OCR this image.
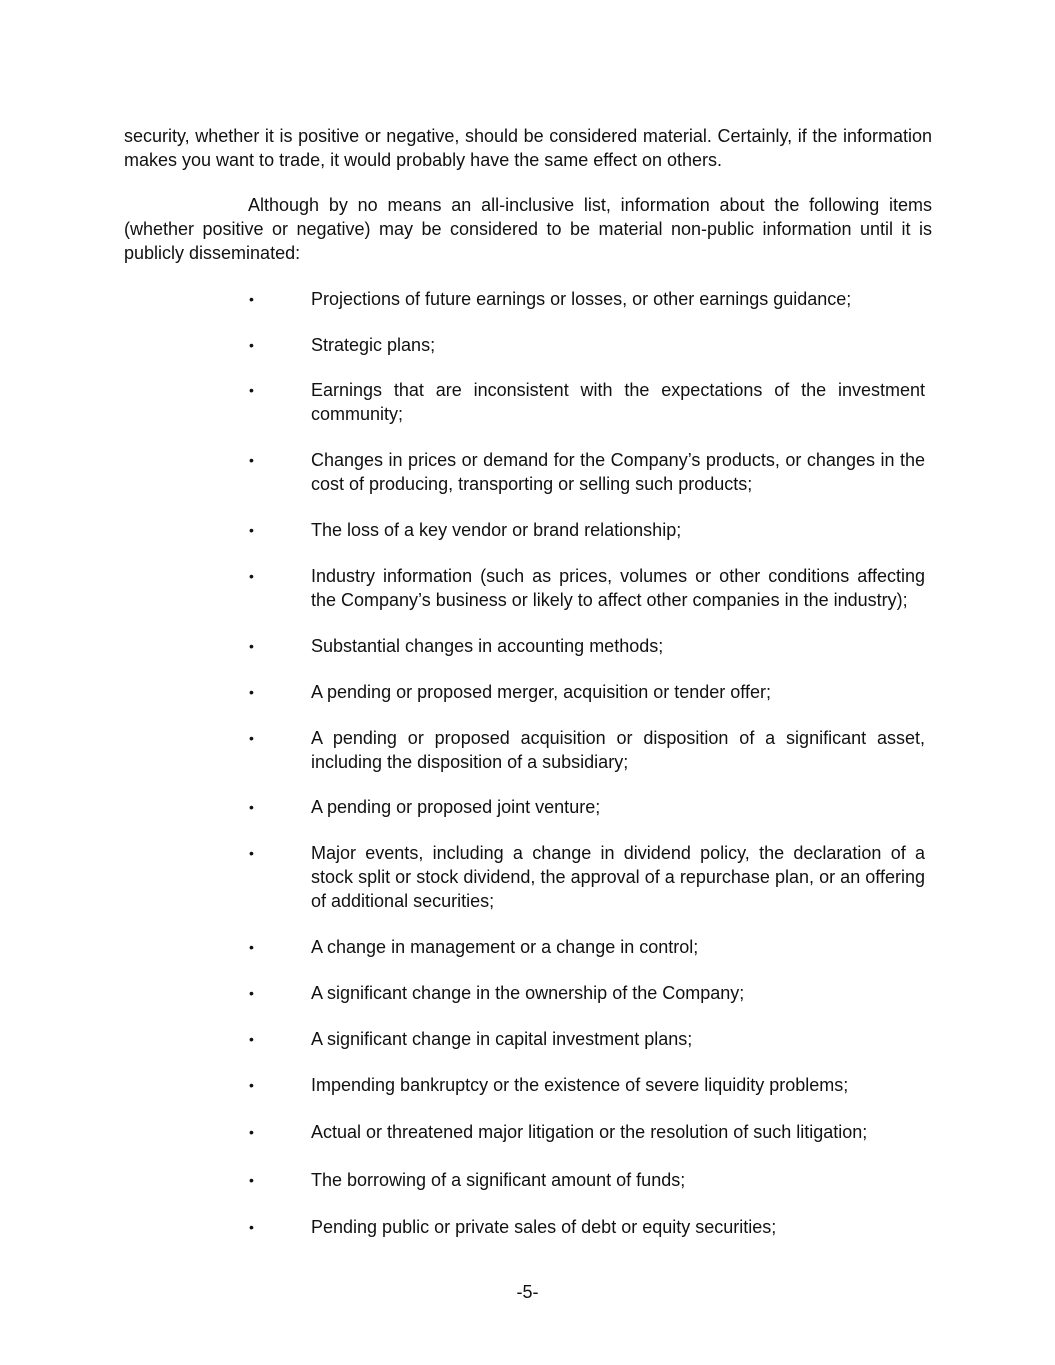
security, whether it is positive or negative, should be considered material. Certainly, if the information makes you want to trade, it would probably have the same effect on others.

Although by no means an all-inclusive list, information about the following items (whether positive or negative) may be considered to be material non-public information until it is publicly disseminated:

•	Projections of future earnings or losses, or other earnings guidance;

•	Strategic plans;

•	Earnings that are inconsistent with the expectations of the investment community;

•	Changes in prices or demand for the Company’s products, or changes in the cost of producing, transporting or selling such products;

•	The loss of a key vendor or brand relationship;

•	Industry information (such as prices, volumes or other conditions affecting the Company’s business or likely to affect other companies in the industry);

•	Substantial changes in accounting methods;

•	A pending or proposed merger, acquisition or tender offer;

•	A pending or proposed acquisition or disposition of a significant asset, including the disposition of a subsidiary;

•	A pending or proposed joint venture;

•	Major events, including a change in dividend policy, the declaration of a stock split or stock dividend, the approval of a repurchase plan, or an offering of additional securities;

•	A change in management or a change in control;

•	A significant change in the ownership of the Company;

•	A significant change in capital investment plans;

•	Impending bankruptcy or the existence of severe liquidity problems;

•	Actual or threatened major litigation or the resolution of such litigation;

•	The borrowing of a significant amount of funds;

•	Pending public or private sales of debt or equity securities;

-5-
